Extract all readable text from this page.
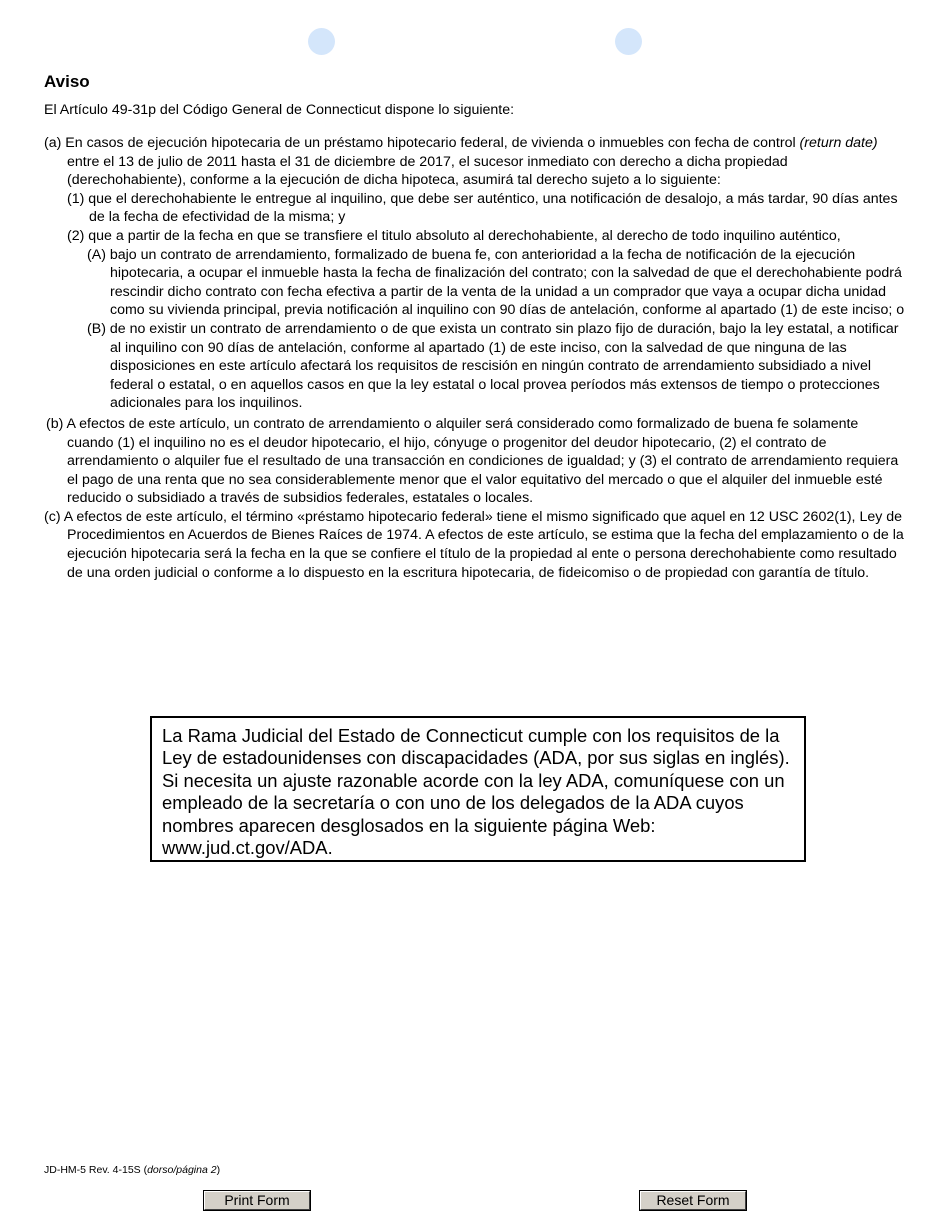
Aviso

El Artículo 49-31p del Código General de Connecticut dispone lo siguiente:

(a) En casos de ejecución hipotecaria de un préstamo hipotecario federal, de vivienda o inmuebles con fecha de control (return date) entre el 13 de julio de 2011 hasta el 31 de diciembre de 2017, el sucesor inmediato con derecho a dicha propiedad (derechohabiente), conforme a la ejecución de dicha hipoteca, asumirá tal derecho sujeto a lo siguiente:

(1) que el derechohabiente le entregue al inquilino, que debe ser auténtico, una notificación de desalojo, a más tardar, 90 días antes de la fecha de efectividad de la misma; y

(2) que a partir de la fecha en que se transfiere el titulo absoluto al derechohabiente, al derecho de todo inquilino auténtico,

(A) bajo un contrato de arrendamiento, formalizado de buena fe, con anterioridad a la fecha de notificación de la ejecución hipotecaria, a ocupar el inmueble hasta la fecha de finalización del contrato; con la salvedad de que el derechohabiente podrá rescindir dicho contrato con fecha efectiva a partir de la venta de la unidad a un comprador que vaya a ocupar dicha unidad como su vivienda principal, previa notificación al inquilino con 90 días de antelación, conforme al apartado (1) de este inciso; o

(B) de no existir un contrato de arrendamiento o de que exista un contrato sin plazo fijo de duración, bajo la ley estatal, a notificar al inquilino con 90 días de antelación, conforme al apartado (1) de este inciso, con la salvedad de que ninguna de las disposiciones en este artículo afectará los requisitos de rescisión en ningún contrato de arrendamiento subsidiado a nivel federal o estatal, o en aquellos casos en que la ley estatal o local provea períodos más extensos de tiempo o protecciones adicionales para los inquilinos.

(b) A efectos de este artículo, un contrato de arrendamiento o alquiler será considerado como formalizado de buena fe solamente cuando (1) el inquilino no es el deudor hipotecario, el hijo, cónyuge o progenitor del deudor hipotecario, (2) el contrato de arrendamiento o alquiler fue el resultado de una transacción en condiciones de igualdad; y (3) el contrato de arrendamiento requiera el pago de una renta que no sea considerablemente menor que el valor equitativo del mercado o que el alquiler del inmueble esté reducido o subsidiado a través de subsidios federales, estatales o locales.

(c) A efectos de este artículo, el término «préstamo hipotecario federal» tiene el mismo significado que aquel en 12 USC 2602(1), Ley de Procedimientos en Acuerdos de Bienes Raíces de 1974. A efectos de este artículo, se estima que la fecha del emplazamiento o de la ejecución hipotecaria será la fecha en la que se confiere el título de la propiedad al ente o persona derechohabiente como resultado de una orden judicial o conforme a lo dispuesto en la escritura hipotecaria, de fideicomiso o de propiedad con garantía de título.

La Rama Judicial del Estado de Connecticut cumple con los requisitos de la Ley de estadounidenses con discapacidades (ADA, por sus siglas en inglés). Si necesita un ajuste razonable acorde con la ley ADA, comuníquese con un empleado de la secretaría o con uno de los delegados de la ADA cuyos nombres aparecen desglosados en la siguiente página Web: www.jud.ct.gov/ADA.

JD-HM-5 Rev. 4-15S (dorso/página 2)
Print Form	Reset Form
